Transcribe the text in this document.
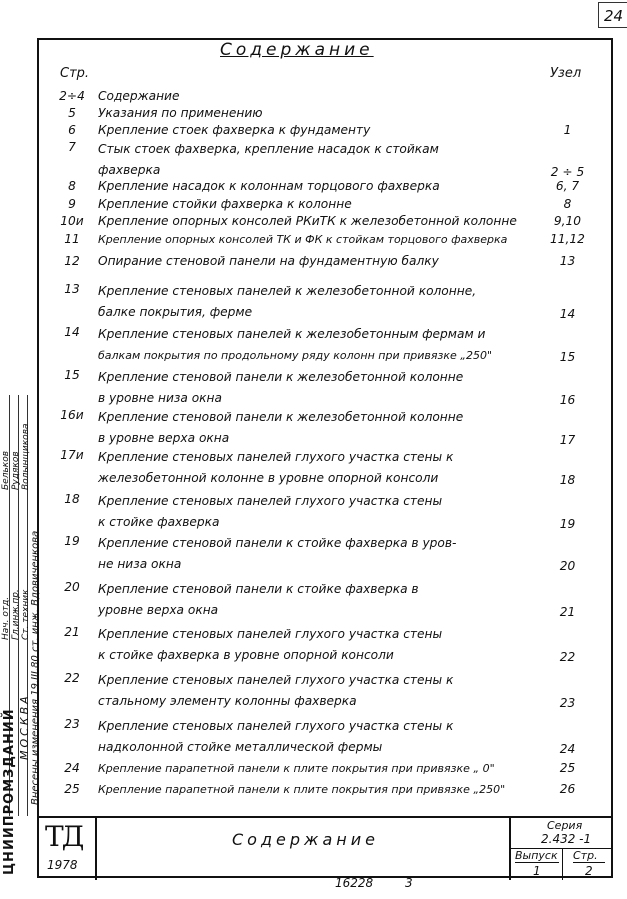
24
Содержание
Стр.	Узел
2÷4	Содержание
5	Указания по применению
6	Крепление стоек фахверка к фундаменту	1
7	Стык стоек фахверка, крепление насадок к стойкам
фахверка	2 ÷ 5
8	Крепление насадок к колоннам торцового фахверка	6, 7
9	Крепление стойки фахверка к колонне	8
10и	Крепление опорных консолей РКиТК к железобетонной колонне	9,10
11	Крепление опорных консолей ТК и ФК к стойкам торцового фахверка	11,12
12	Опирание стеновой панели на фундаментную балку	13
13	Крепление стеновых панелей к железобетонной колонне,
балке покрытия, ферме	14
14	Крепление стеновых панелей к железобетонным фермам и
балкам покрытия по продольному ряду колонн при привязке „250"	15
15	Крепление стеновой панели к железобетонной колонне
в уровне низа окна	16
16и	Крепление стеновой панели к железобетонной колонне
в уровне верха окна	17
17и	Крепление стеновых панелей глухого участка стены к
железобетонной колонне в уровне опорной консоли	18
18	Крепление стеновых панелей глухого участка стены
к стойке фахверка	19
19	Крепление стеновой панели к стойке фахверка в уров-
не низа окна	20
20	Крепление стеновой панели к стойке фахверка в
уровне верха окна	21
21	Крепление стеновых панелей глухого участка стены
к стойке фахверка в уровне опорной консоли	22
22	Крепление стеновых панелей глухого участка стены к
стальному элементу колонны фахверка	23
23	Крепление стеновых панелей глухого участка стены к
надколонной стойке металлической фермы	24
24	Крепление парапетной панели к плите покрытия при привязке „ 0"	25
25	Крепление парапетной панели к плите покрытия при привязке „250"	26
ЦНИИПРОМЗДАНИЙ МОСКВА Внесены изменения 19.III.80 ст. инж. Вдовиченкова
Нач. отд. Гл.инж.пр. Ст. техник
Бельков Рудяков Волынщикова
ТД
1978
Содержание
Серия
2.432 -1
Выпуск
1
Стр.
2
16228	3
